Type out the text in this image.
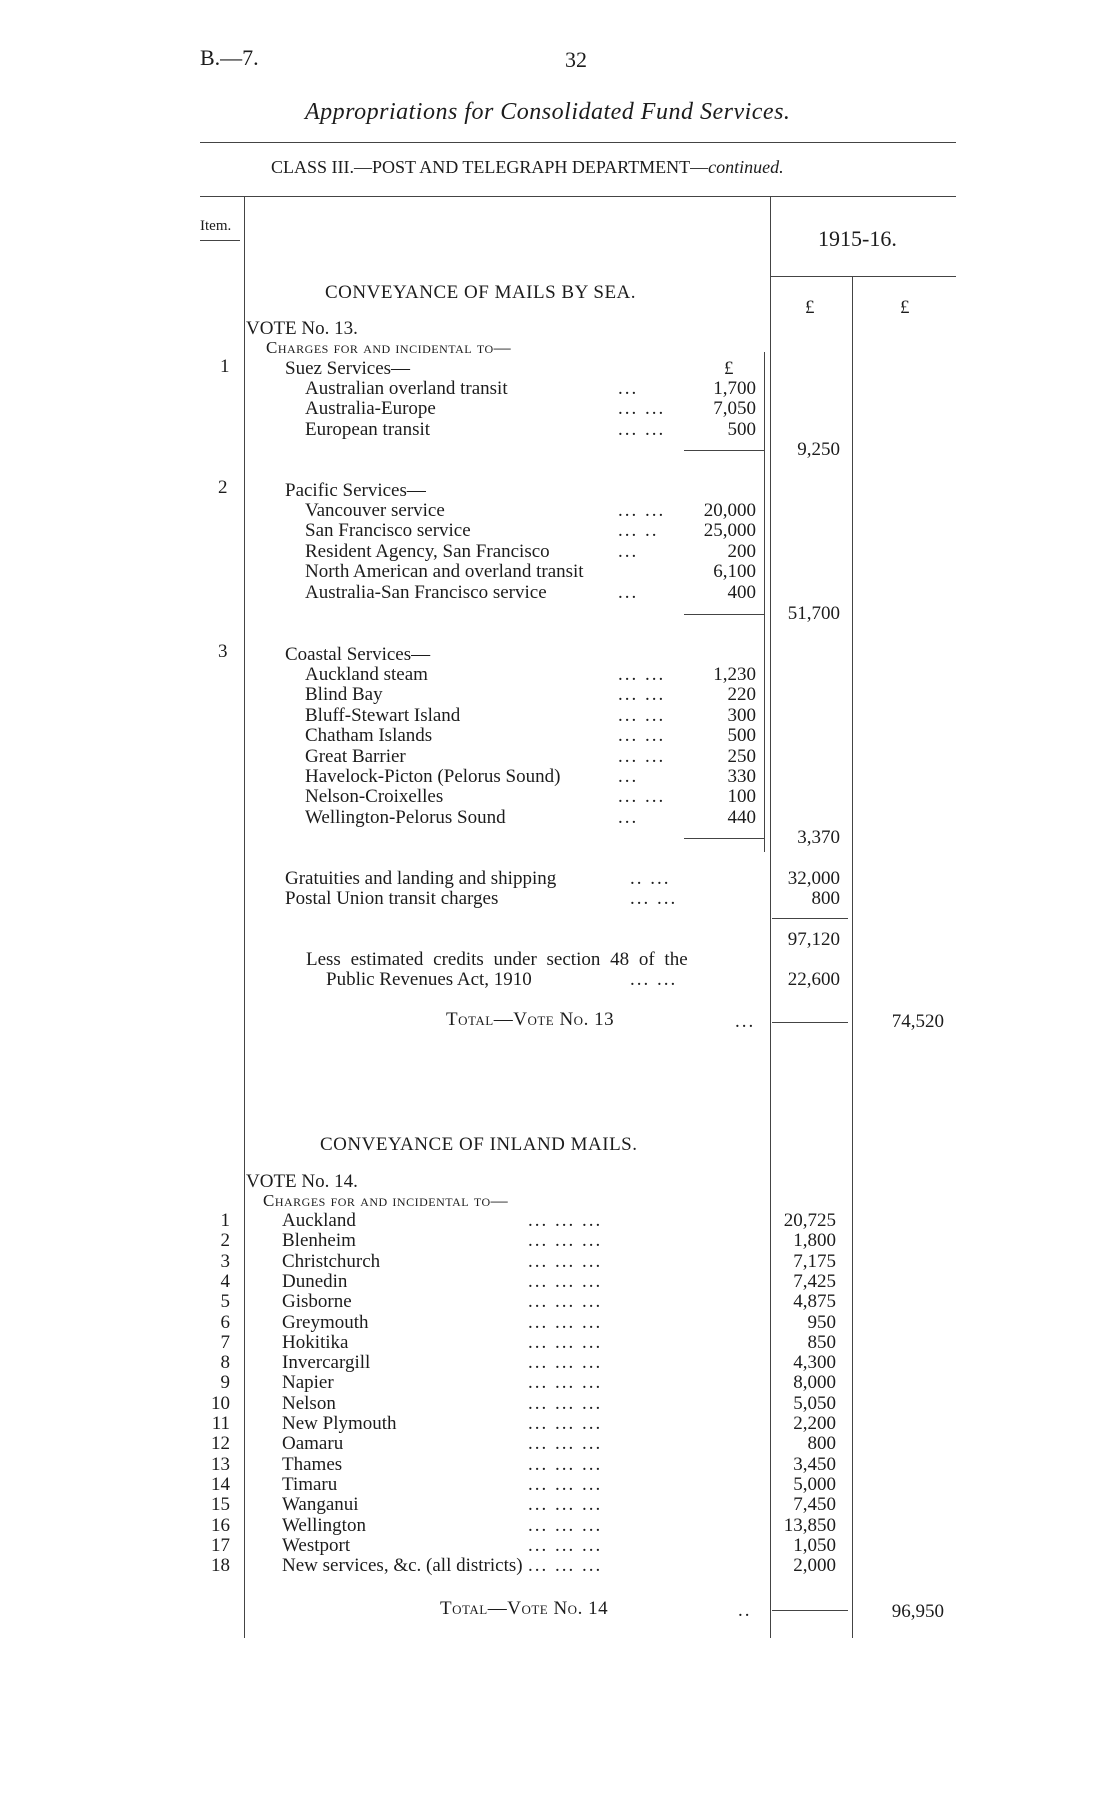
B.—7.	32
Appropriations for Consolidated Fund Services.
CLASS III.—POST AND TELEGRAPH DEPARTMENT—continued.
Item.	1915-16.
£	£
CONVEYANCE OF MAILS BY SEA.
VOTE No. 13.
Charges for and incidental to—
1	Suez Services—	£
Australian overland transit	...	1,700
Australia-Europe	... ...	7,050
European transit	... ...	500
9,250
2	Pacific Services—
Vancouver service	... ...	20,000
San Francisco service	... ..	25,000
Resident Agency, San Francisco	...	200
North American and overland transit	6,100
Australia-San Francisco service	...	400
51,700
3	Coastal Services—
Auckland steam	... ...	1,230
Blind Bay	... ...	220
Bluff-Stewart Island	... ...	300
Chatham Islands	... ...	500
Great Barrier	... ...	250
Havelock-Picton (Pelorus Sound)	...	330
Nelson-Croixelles	... ...	100
Wellington-Pelorus Sound	...	440
3,370
Gratuities and landing and shipping	.. ...	32,000
Postal Union transit charges	... ...	800
97,120
Less estimated credits under section 48 of the
Public Revenues Act, 1910	... ...	22,600
Total—Vote No. 13	...	74,520
CONVEYANCE OF INLAND MAILS.
VOTE No. 14.
Charges for and incidental to—
1	Auckland	... ... ...	20,725
2	Blenheim	... ... ...	1,800
3	Christchurch	... ... ...	7,175
4	Dunedin	... ... ...	7,425
5	Gisborne	... ... ...	4,875
6	Greymouth	... ... ...	950
7	Hokitika	... ... ...	850
8	Invercargill	... ... ...	4,300
9	Napier	... ... ...	8,000
10	Nelson	... ... ...	5,050
11	New Plymouth	... ... ...	2,200
12	Oamaru	... ... ...	800
13	Thames	... ... ...	3,450
14	Timaru	... ... ...	5,000
15	Wanganui	... ... ...	7,450
16	Wellington	... ... ...	13,850
17	Westport	... ... ...	1,050
18	New services, &c. (all districts) ... ... ...	2,000
Total—Vote No. 14	..	96,950
